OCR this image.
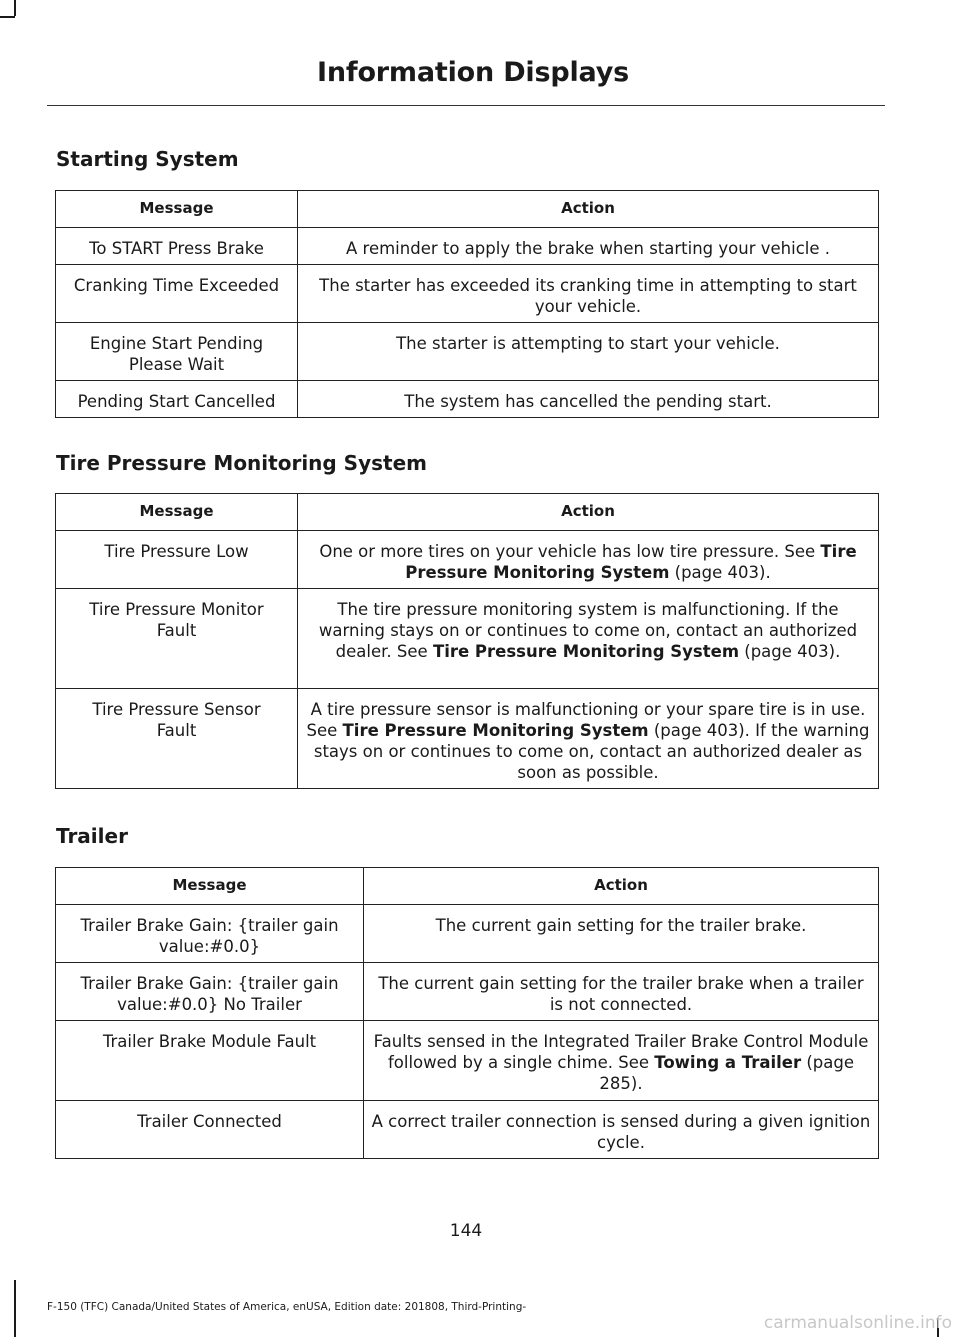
Information Displays
Starting System
Message	Action
To START Press Brake	A reminder to apply the brake when starting your vehicle .
Cranking Time Exceeded	The starter has exceeded its cranking time in attempting to start your vehicle.
Engine Start Pending Please Wait	The starter is attempting to start your vehicle.
Pending Start Cancelled	The system has cancelled the pending start.
Tire Pressure Monitoring System
Message	Action
Tire Pressure Low	One or more tires on your vehicle has low tire pressure. See Tire Pressure Monitoring System (page 403).
Tire Pressure Monitor Fault	The tire pressure monitoring system is malfunctioning. If the warning stays on or continues to come on, contact an authorized dealer. See Tire Pressure Monitoring System (page 403).
Tire Pressure Sensor Fault	A tire pressure sensor is malfunctioning or your spare tire is in use. See Tire Pressure Monitoring System (page 403). If the warning stays on or continues to come on, contact an authorized dealer as soon as possible.
Trailer
Message	Action
Trailer Brake Gain: {trailer gain value:#0.0}	The current gain setting for the trailer brake.
Trailer Brake Gain: {trailer gain value:#0.0} No Trailer	The current gain setting for the trailer brake when a trailer is not connected.
Trailer Brake Module Fault	Faults sensed in the Integrated Trailer Brake Control Module followed by a single chime. See Towing a Trailer (page 285).
Trailer Connected	A correct trailer connection is sensed during a given ignition cycle.
144
F-150 (TFC) Canada/United States of America, enUSA, Edition date: 201808, Third-Printing-
carmanualsonline.info
